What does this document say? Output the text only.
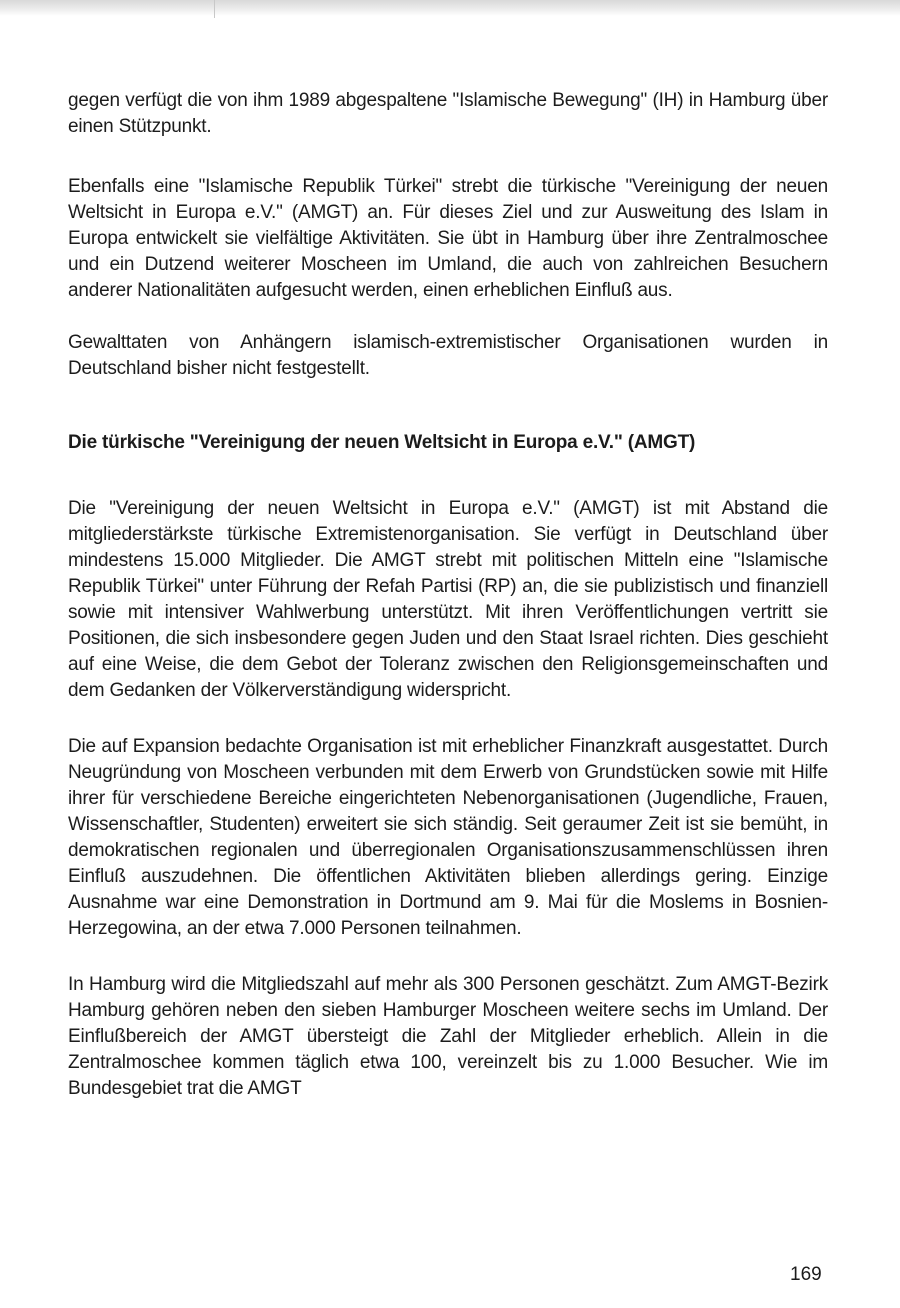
gegen verfügt die von ihm 1989 abgespaltene "Islamische Bewegung" (IH) in Hamburg über einen Stützpunkt.

Ebenfalls eine "Islamische Republik Türkei" strebt die türkische "Vereinigung der neuen Weltsicht in Europa e.V." (AMGT) an. Für dieses Ziel und zur Ausweitung des Islam in Europa entwickelt sie vielfältige Aktivitäten. Sie übt in Hamburg über ihre Zentralmoschee und ein Dutzend weiterer Moscheen im Umland, die auch von zahlreichen Besuchern anderer Nationalitäten aufgesucht werden, einen erheblichen Einfluß aus.

Gewalttaten von Anhängern islamisch-extremistischer Organisationen wurden in Deutschland bisher nicht festgestellt.

Die türkische "Vereinigung der neuen Weltsicht in Europa e.V." (AMGT)

Die "Vereinigung der neuen Weltsicht in Europa e.V." (AMGT) ist mit Abstand die mitgliederstärkste türkische Extremistenorganisation. Sie verfügt in Deutschland über mindestens 15.000 Mitglieder. Die AMGT strebt mit politischen Mitteln eine "Islamische Republik Türkei" unter Führung der Refah Partisi (RP) an, die sie publizistisch und finanziell sowie mit intensiver Wahlwerbung unterstützt. Mit ihren Veröffentlichungen vertritt sie Positionen, die sich insbesondere gegen Juden und den Staat Israel richten. Dies geschieht auf eine Weise, die dem Gebot der Toleranz zwischen den Religionsgemeinschaften und dem Gedanken der Völkerverständigung widerspricht.

Die auf Expansion bedachte Organisation ist mit erheblicher Finanzkraft ausgestattet. Durch Neugründung von Moscheen verbunden mit dem Erwerb von Grundstücken sowie mit Hilfe ihrer für verschiedene Bereiche eingerichteten Nebenorganisationen (Jugendliche, Frauen, Wissenschaftler, Studenten) erweitert sie sich ständig. Seit geraumer Zeit ist sie bemüht, in demokratischen regionalen und überregionalen Organisationszusammenschlüssen ihren Einfluß auszudehnen. Die öffentlichen Aktivitäten blieben allerdings gering. Einzige Ausnahme war eine Demonstration in Dortmund am 9. Mai für die Moslems in Bosnien-Herzegowina, an der etwa 7.000 Personen teilnahmen.

In Hamburg wird die Mitgliedszahl auf mehr als 300 Personen geschätzt. Zum AMGT-Bezirk Hamburg gehören neben den sieben Hamburger Moscheen weitere sechs im Umland. Der Einflußbereich der AMGT übersteigt die Zahl der Mitglieder erheblich. Allein in die Zentralmoschee kommen täglich etwa 100, vereinzelt bis zu 1.000 Besucher. Wie im Bundesgebiet trat die AMGT

169
